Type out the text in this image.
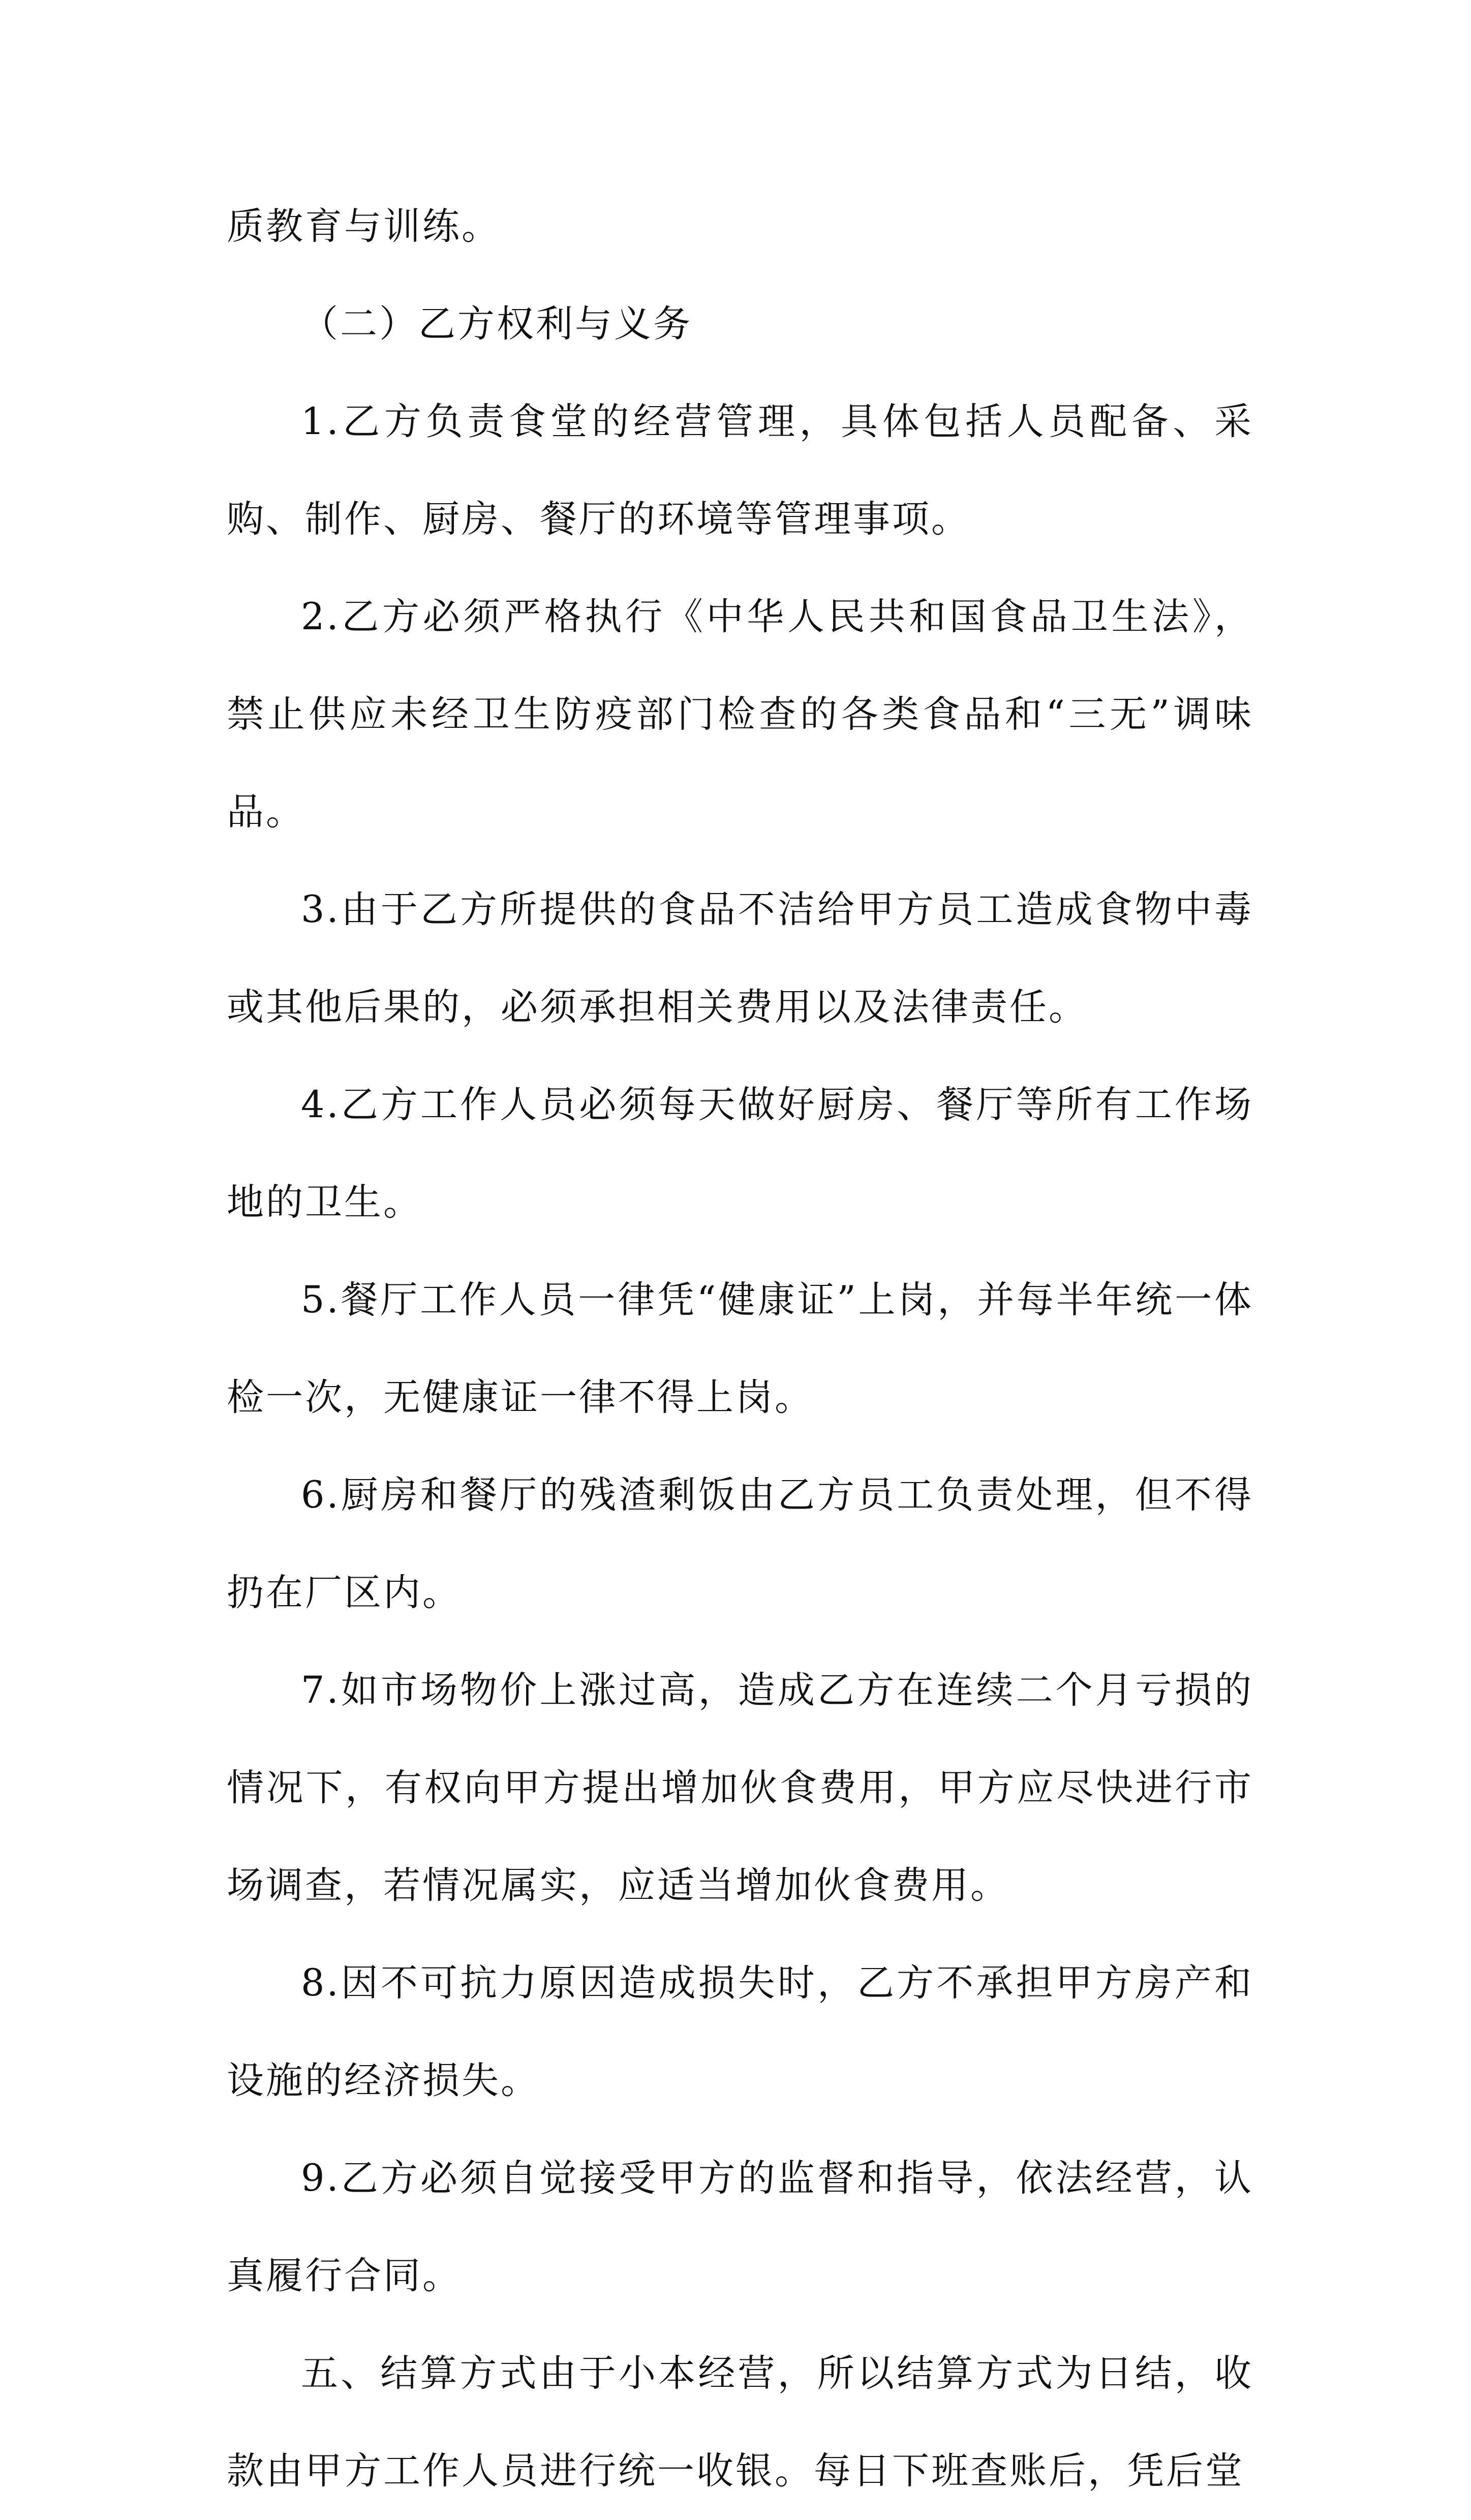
质教育与训练。

（二）乙方权利与义务

1.乙方负责食堂的经营管理，具体包括人员配备、采购、制作、厨房、餐厅的环境等管理事项。

2.乙方必须严格执行《中华人民共和国食品卫生法》，禁止供应未经卫生防疫部门检查的各类食品和“三无”调味品。

3.由于乙方所提供的食品不洁给甲方员工造成食物中毒或其他后果的，必须承担相关费用以及法律责任。

4.乙方工作人员必须每天做好厨房、餐厅等所有工作场地的卫生。

5.餐厅工作人员一律凭“健康证”上岗，并每半年统一体检一次，无健康证一律不得上岗。

6.厨房和餐厅的残渣剩饭由乙方员工负责处理，但不得扔在厂区内。

7.如市场物价上涨过高，造成乙方在连续二个月亏损的情况下，有权向甲方提出增加伙食费用，甲方应尽快进行市场调查，若情况属实，应适当增加伙食费用。

8.因不可抗力原因造成损失时，乙方不承担甲方房产和设施的经济损失。

9.乙方必须自觉接受甲方的监督和指导，依法经营，认真履行合同。

五、结算方式由于小本经营，所以结算方式为日结，收款由甲方工作人员进行统一收银。每日下班查账后，凭后堂
